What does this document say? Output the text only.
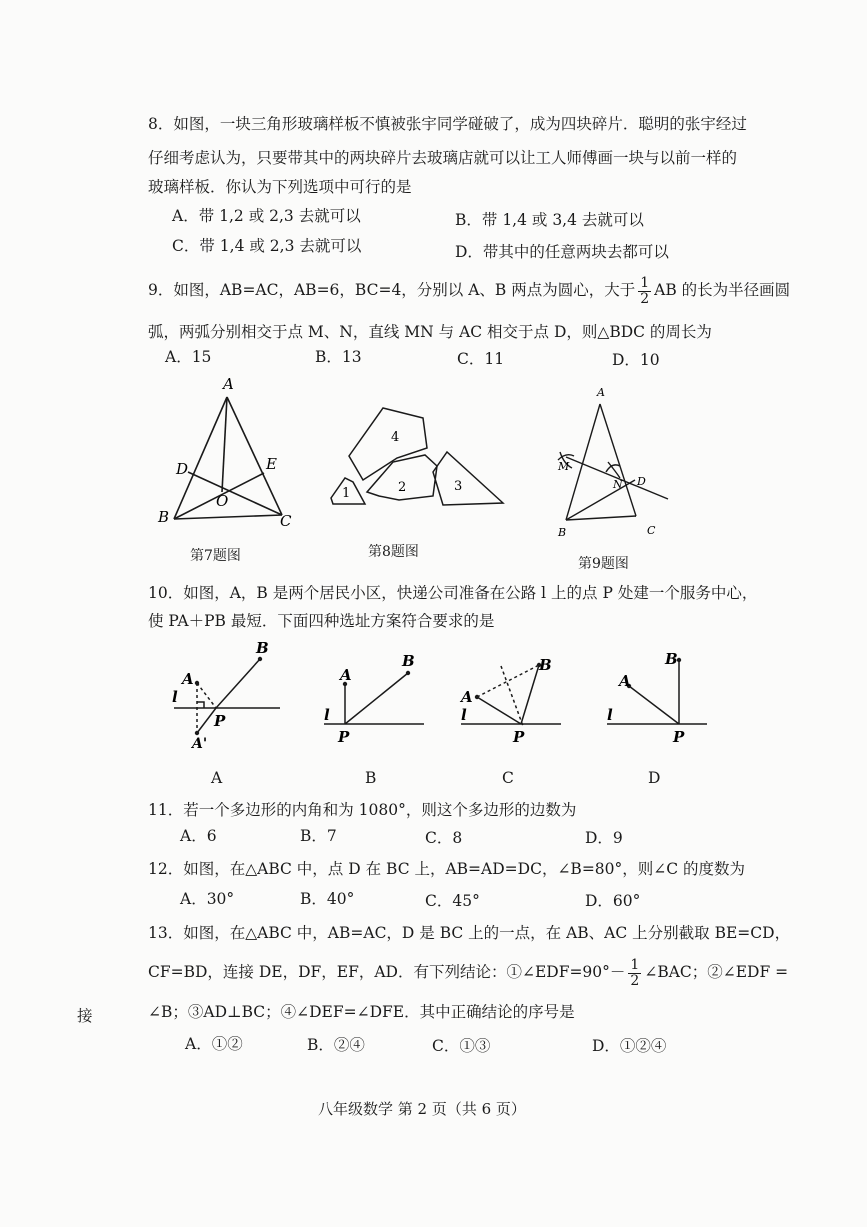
8．如图，一块三角形玻璃样板不慎被张宇同学碰破了，成为四块碎片．聪明的张宇经过
仔细考虑认为，只要带其中的两块碎片去玻璃店就可以让工人师傅画一块与以前一样的
玻璃样板．你认为下列选项中可行的是
A．带 1,2 或 2,3 去就可以	B．带 1,4 或 3,4 去就可以
C．带 1,4 或 2,3 去就可以	D．带其中的任意两块去都可以
9．如图，AB=AC，AB=6，BC=4，分别以 A、B 两点为圆心，大于 $\frac{1}{2}$ AB 的长为半径画圆
弧，两弧分别相交于点 M、N，直线 MN 与 AC 相交于点 D，则△BDC 的周长为
A．15	B．13	C．11	D．10
A
B	C
D	E
O
第7题图
4
2
1	3
第8题图
A
B	C
D
M
N
第9题图
10．如图，A，B 是两个居民小区，快递公司准备在公路 l 上的点 P 处建一个服务中心，
使 PA＋PB 最短．下面四种选址方案符合要求的是
A
B
l
P
A'
A
B
l
P
A
B
l
P
A
B
l
P
A	B	C	D
11．若一个多边形的内角和为 1080°，则这个多边形的边数为
A．6	B．7	C．8	D．9
12．如图，在△ABC 中，点 D 在 BC 上，AB=AD=DC，∠B=80°，则∠C 的度数为
A．30°	B．40°	C．45°	D．60°
13．如图，在△ABC 中，AB=AC，D 是 BC 上的一点，在 AB、AC 上分别截取 BE=CD，
CF=BD，连接 DE，DF，EF，AD．有下列结论：①∠EDF=90°－ $\frac{1}{2}$ ∠BAC；②∠EDF =
∠B；③AD⊥BC；④∠DEF=∠DFE．其中正确结论的序号是
A．①②	B．②④	C．①③	D．①②④
接
八年级数学 第 2 页（共 6 页）
